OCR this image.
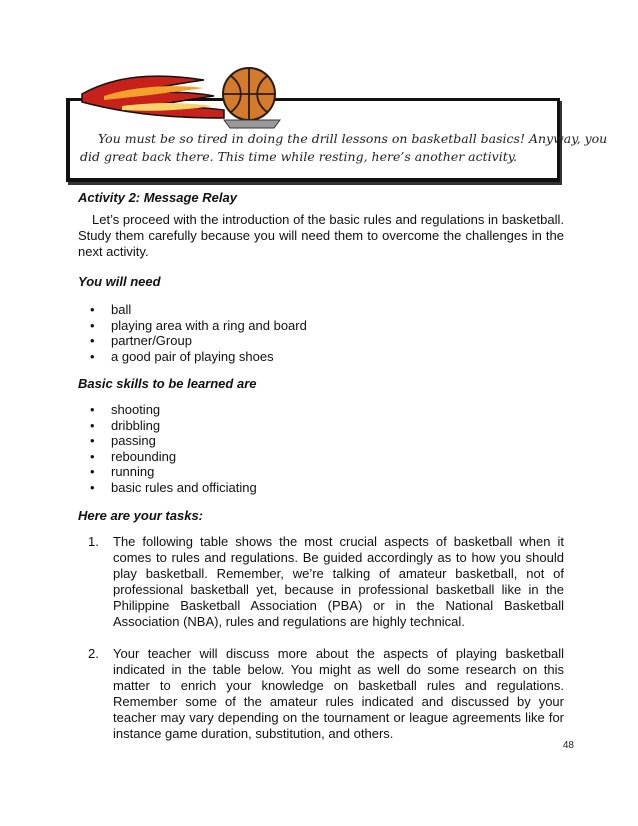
You must be so tired in doing the drill lessons on basketball basics! Anyway, you
did great back there. This time while resting, here’s another activity.
Activity 2: Message Relay

Let’s proceed with the introduction of the basic rules and regulations in basketball. Study them carefully because you will need them to overcome the challenges in the next activity.

You will need
• ball
• playing area with a ring and board
• partner/Group
• a good pair of playing shoes
Basic skills to be learned are
• shooting
• dribbling
• passing
• rebounding
• running
• basic rules and officiating
Here are your tasks:
1. The following table shows the most crucial aspects of basketball when it comes to rules and regulations. Be guided accordingly as to how you should play basketball. Remember, we’re talking of amateur basketball, not of professional basketball yet, because in professional basketball like in the Philippine Basketball Association (PBA) or in the National Basketball Association (NBA), rules and regulations are highly technical.
2. Your teacher will discuss more about the aspects of playing basketball indicated in the table below. You might as well do some research on this matter to enrich your knowledge on basketball rules and regulations. Remember some of the amateur rules indicated and discussed by your teacher may vary depending on the tournament or league agreements like for instance game duration, substitution, and others.
48
